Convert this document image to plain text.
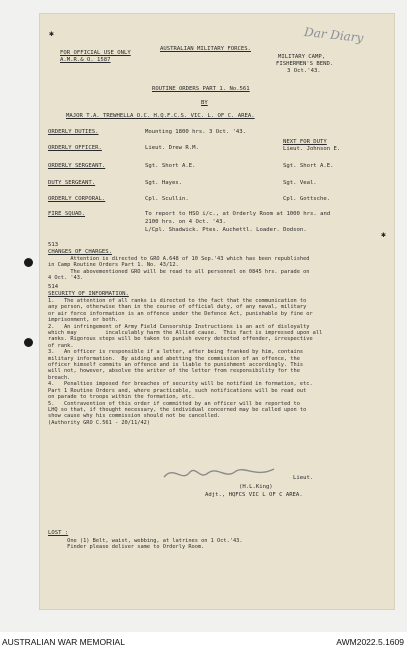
✱
✱
Dar Diary
FOR OFFICIAL USE ONLY
A.M.R.& O. 1587
AUSTRALIAN MILITARY FORCES.
MILITARY CAMP,
FISHERMEN'S BEND.
3 Oct.'43.
ROUTINE ORDERS PART 1. No.561
BY
MAJOR T.A. TREWHELLA O.C. H.Q.F.C.S. VIC. L. OF C. AREA.
ORDERLY DUTIES.	Mounting 1800 hrs. 3 Oct. '43.
NEXT FOR DUTY
ORDERLY OFFICER.	Lieut. Drew R.M.	Lieut. Johnson E.
ORDERLY SERGEANT.	Sgt. Short A.E.	Sgt. Short A.E.
DUTY SERGEANT.	Sgt. Hayes.	Sgt. Veal.
ORDERLY CORPORAL.	Cpl. Scullin.	Cpl. Gottsche.
FIRE SQUAD.	To report to HSO i/c., at Orderly Room at 1000 hrs. and
2100 hrs. on 4 Oct. '43.
L/Cpl. Shadwick. Ptes. Auchettl. Loader. Dodson.
513
CHANGES OF CHARGES.
Attention is directed to GRO A.648 of 10 Sep.'43 which has been republished
in Camp Routine Orders Part 1. No. 43/12.
The abovementioned GRO will be read to all personnel on 0845 hrs. parade on
4 Oct. '43.
514
SECURITY OF INFORMATION.
1.   The attention of all ranks is directed to the fact that the communication to
any person, otherwise than in the course of official duty, of any naval, military
or air force information is an offence under the Defence Act, punishable by fine or
imprisonment, or both.
2.   An infringement of Army Field Censorship Instructions is an act of disloyalty
which may         incalculably harm the Allied cause.  This fact is impressed upon all
ranks. Rigorous steps will be taken to punish every detected offender, irrespective
of rank.
3.   An officer is responsible if a letter, after being franked by him, contains
military information.  By aiding and abetting the commission of an offence, the
officer himself commits an offence and is liable to punishment accordingly. This
will not, however, absolve the writer of the letter from responsibility for the
breach.
4.   Penalties imposed for breaches of security will be notified in formation, etc.
Part 1 Routine Orders and, where practicable, such notifications will be read out
on parade to troops within the formation, etc.
5.   Contravention of this order if committed by an officer will be reported to
LHQ so that, if thought necessary, the individual concerned may be called upon to
show cause why his commission should not be cancelled.
(Authority GRO C.561 - 20/11/42)
Lieut.
(H.L.King)
Adjt., HQFCS VIC L OF C AREA.
LOST :
One (1) Belt, waist, webbing, at latrines on 1 Oct.'43.
Finder please deliver same to Orderly Room.
AUSTRALIAN WAR MEMORIAL	AWM2022.5.1609
